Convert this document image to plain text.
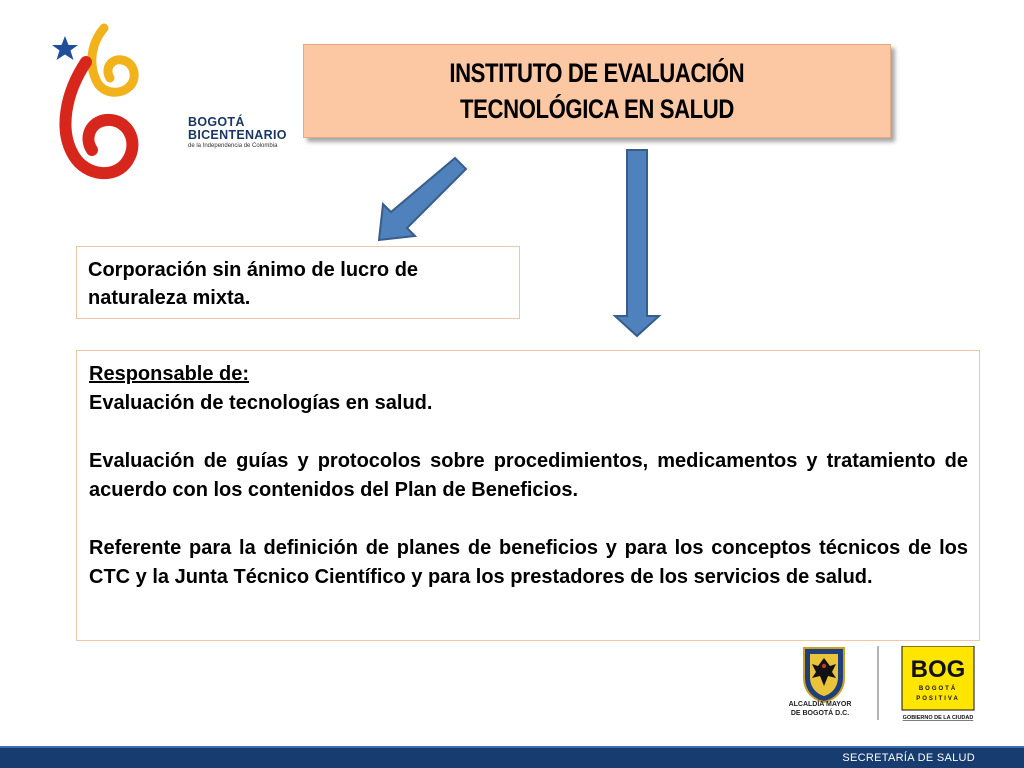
BOGOTÁ
BICENTENARIO
de la Independencia de Colombia
INSTITUTO DE EVALUACIÓN
TECNOLÓGICA EN SALUD
Corporación sin ánimo de lucro de
naturaleza mixta.

Responsable de:

Evaluación de tecnologías en salud.

Evaluación de guías y protocolos sobre procedimientos, medicamentos y tratamiento de acuerdo con los contenidos del Plan de Beneficios.

Referente para la definición de planes de beneficios y para los conceptos técnicos de los CTC y la Junta Técnico Científico y para los prestadores de los servicios de salud.

ALCALDÍA MAYOR
DE BOGOTÁ D.C.
BOG
BOGOTÁ
POSITIVA
GOBIERNO DE LA CIUDAD
SECRETARÍA DE SALUD
